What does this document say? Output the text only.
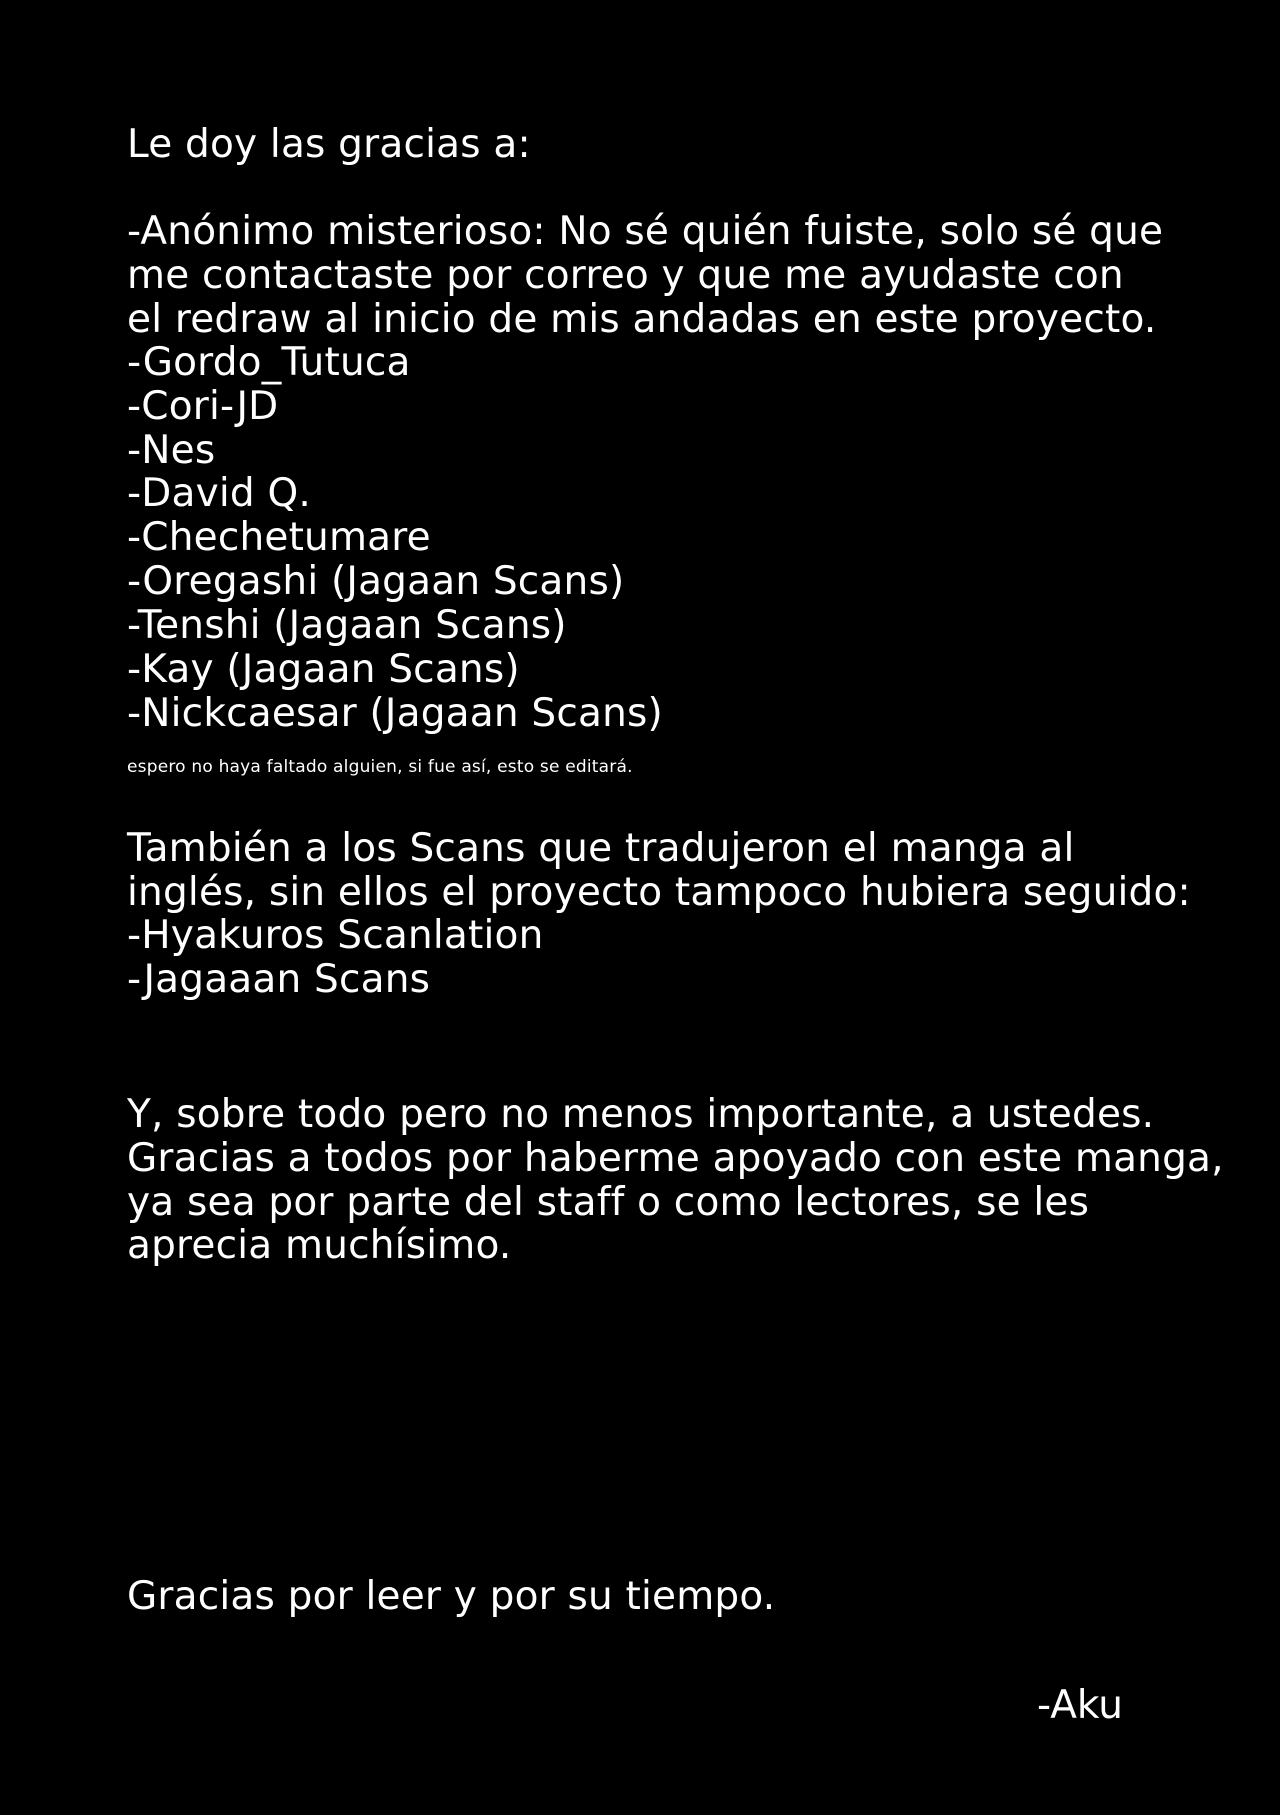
Le doy las gracias a:
-Anónimo misterioso: No sé quién fuiste, solo sé que
me contactaste por correo y que me ayudaste con
el redraw al inicio de mis andadas en este proyecto.
-Gordo_Tutuca
-Cori-JD
-Nes
-David Q.
-Chechetumare
-Oregashi (Jagaan Scans)
-Tenshi (Jagaan Scans)
-Kay (Jagaan Scans)
-Nickcaesar (Jagaan Scans)
espero no haya faltado alguien, si fue así, esto se editará.
También a los Scans que tradujeron el manga al
inglés, sin ellos el proyecto tampoco hubiera seguido:
-Hyakuros Scanlation
-Jagaaan Scans
Y, sobre todo pero no menos importante, a ustedes.
Gracias a todos por haberme apoyado con este manga,
ya sea por parte del staff o como lectores, se les
aprecia muchísimo.
Gracias por leer y por su tiempo.
-Aku
